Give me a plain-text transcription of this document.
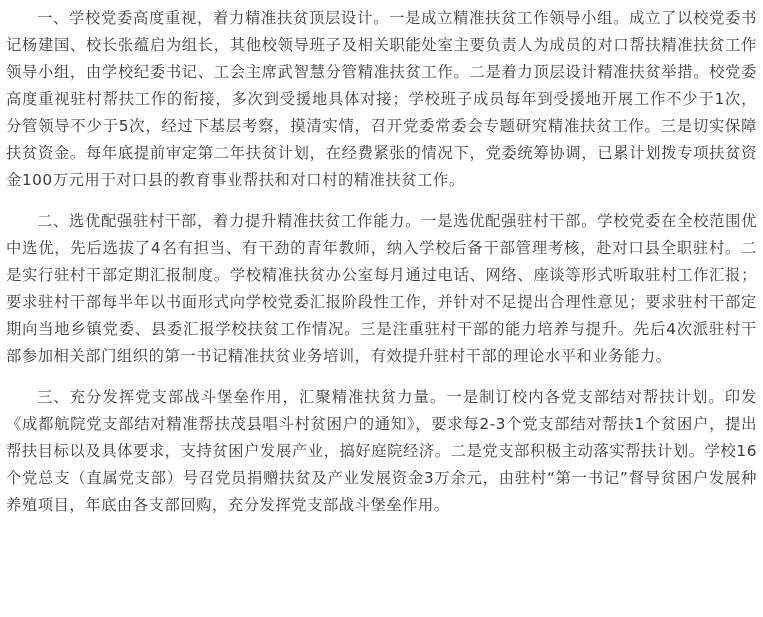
一、学校党委高度重视，着力精准扶贫顶层设计。一是成立精准扶贫工作领导小组。成立了以校党委书记杨建国、校长张蕴启为组长，其他校领导班子及相关职能处室主要负责人为成员的对口帮扶精准扶贫工作领导小组，由学校纪委书记、工会主席武智慧分管精准扶贫工作。二是着力顶层设计精准扶贫举措。校党委高度重视驻村帮扶工作的衔接，多次到受援地具体对接；学校班子成员每年到受援地开展工作不少于1次，分管领导不少于5次，经过下基层考察，摸清实情，召开党委常委会专题研究精准扶贫工作。三是切实保障扶贫资金。每年底提前审定第二年扶贫计划，在经费紧张的情况下，党委统筹协调，已累计划拨专项扶贫资金100万元用于对口县的教育事业帮扶和对口村的精准扶贫工作。

二、选优配强驻村干部，着力提升精准扶贫工作能力。一是选优配强驻村干部。学校党委在全校范围优中选优，先后选拔了4名有担当、有干劲的青年教师，纳入学校后备干部管理考核，赴对口县全职驻村。二是实行驻村干部定期汇报制度。学校精准扶贫办公室每月通过电话、网络、座谈等形式听取驻村工作汇报；要求驻村干部每半年以书面形式向学校党委汇报阶段性工作，并针对不足提出合理性意见；要求驻村干部定期向当地乡镇党委、县委汇报学校扶贫工作情况。三是注重驻村干部的能力培养与提升。先后4次派驻村干部参加相关部门组织的第一书记精准扶贫业务培训，有效提升驻村干部的理论水平和业务能力。

三、充分发挥党支部战斗堡垒作用，汇聚精准扶贫力量。一是制订校内各党支部结对帮扶计划。印发《成都航院党支部结对精准帮扶茂县唱斗村贫困户的通知》，要求每2-3个党支部结对帮扶1个贫困户，提出帮扶目标以及具体要求，支持贫困户发展产业，搞好庭院经济。二是党支部积极主动落实帮扶计划。学校16个党总支（直属党支部）号召党员捐赠扶贫及产业发展资金3万余元，由驻村“第一书记”督导贫困户发展种养殖项目，年底由各支部回购，充分发挥党支部战斗堡垒作用。
